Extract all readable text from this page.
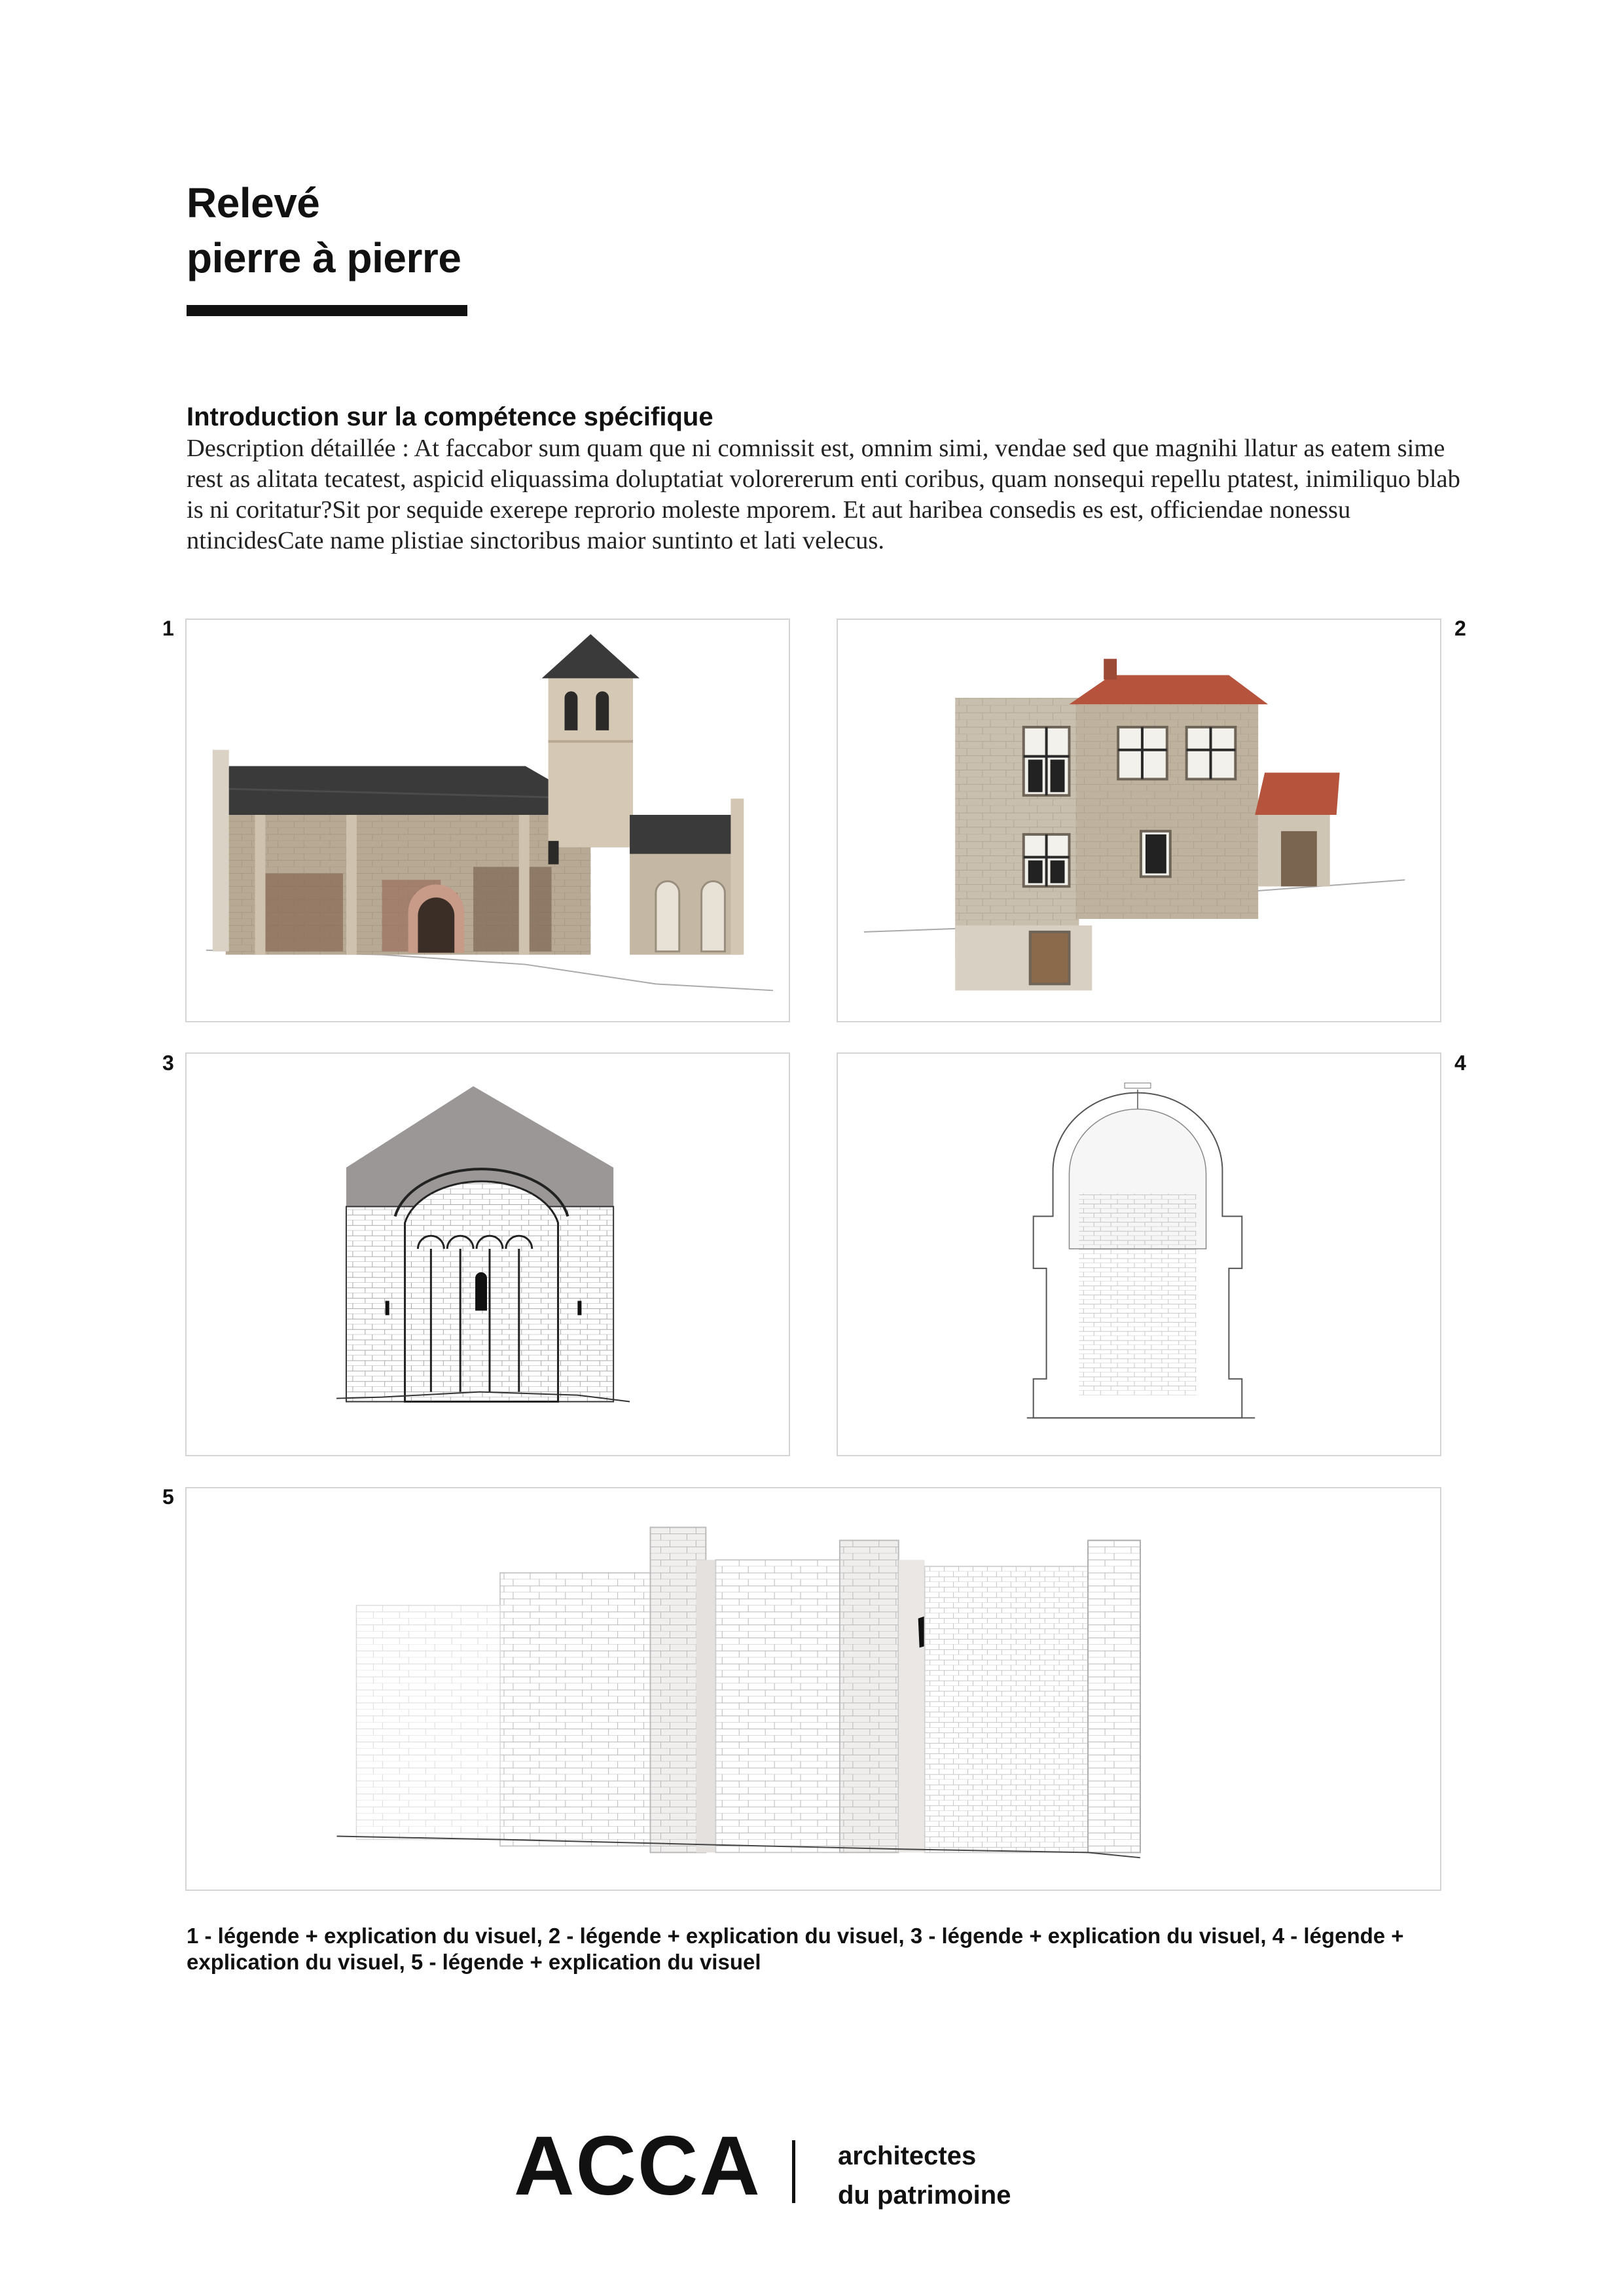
Relevé
pierre à pierre
Introduction sur la compétence spécifique
Description détaillée : At faccabor sum quam que ni comnissit est, omnim simi, vendae sed que magnihi llatur as eatem sime rest as alitata tecatest, aspicid eliquassima doluptatiat volorererum enti coribus, quam nonsequi repellu ptatest, inimiliquo blab is ni coritatur?Sit por sequide exerepe reprorio moleste mporem. Et aut haribea consedis es est, officiendae nonessu ntincidesCate name plistiae sinctoribus maior suntinto et lati velecus.
1	2
3	4
5
1 - légende + explication du visuel, 2 - légende + explication du visuel, 3 - légende + explication du visuel, 4 - légende + explication du visuel, 5 - légende + explication du visuel
ACCA	architectes
du patrimoine
